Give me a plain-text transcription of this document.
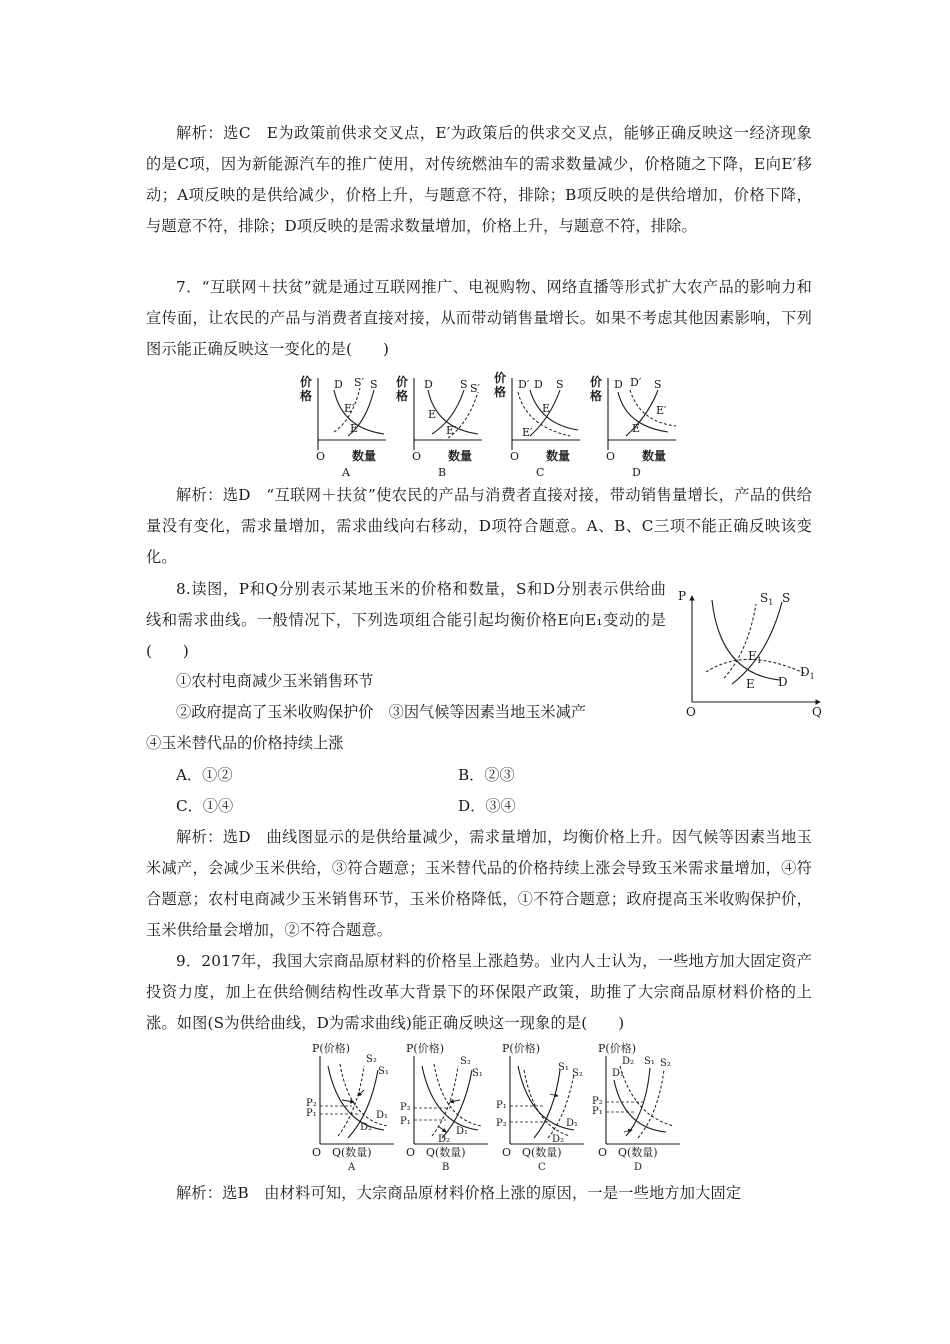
解析：选C　E为政策前供求交叉点，E′为政策后的供求交叉点，能够正确反映这一经济现象的是C项，因为新能源汽车的推广使用，对传统燃油车的需求数量减少，价格随之下降，E向E′移动；A项反映的是供给减少，价格上升，与题意不符，排除；B项反映的是供给增加，价格下降，与题意不符，排除；D项反映的是需求数量增加，价格上升，与题意不符，排除。
7．“互联网＋扶贫”就是通过互联网推广、电视购物、网络直播等形式扩大农产品的影响力和宣传面，让农民的产品与消费者直接对接，从而带动销售量增长。如果不考虑其他因素影响，下列图示能正确反映这一变化的是(　　)
价
格
D S′ S
E′
E
O 数量
A
价
格
D S S′
E
E′
O 数量
B
价
格
D′ D S
E
E′
O 数量
C
价
格
D D′ S
E′
E
O 数量
D
解析：选D　“互联网＋扶贫”使农民的产品与消费者直接对接，带动销售量增长，产品的供给量没有变化，需求量增加，需求曲线向右移动，D项符合题意。A、B、C三项不能正确反映该变化。
8.读图，P和Q分别表示某地玉米的价格和数量，S和D分别表示供给曲线和需求曲线。一般情况下，下列选项组合能引起均衡价格E向E₁变动的是(　　)
①农村电商减少玉米销售环节
②政府提高了玉米收购保护价　③因气候等因素当地玉米减产
④玉米替代品的价格持续上涨
P
O	Q
$S_1$ S
$E_1$
$D_1$
E D
A．①②	B．②③
C．①④	D．③④
解析：选D　曲线图显示的是供给量减少，需求量增加，均衡价格上升。因气候等因素当地玉米减产，会减少玉米供给，③符合题意；玉米替代品的价格持续上涨会导致玉米需求量增加，④符合题意；农村电商减少玉米销售环节，玉米价格降低，①不符合题意；政府提高玉米收购保护价，玉米供给量会增加，②不符合题意。
9．2017年，我国大宗商品原材料的价格呈上涨趋势。业内人士认为，一些地方加大固定资产投资力度，加上在供给侧结构性改革大背景下的环保限产政策，助推了大宗商品原材料价格的上涨。如图(S为供给曲线，D为需求曲线)能正确反映这一现象的是(　　)
P(价格)
S₂
S₁
D₁
D₂
P₂
P₁
O Q(数量)
A
P(价格)
S₂
S₁
D₁
D₂
P₂
P₁
O Q(数量)
B
P(价格)
S₁
S₂
D₁
D₂
P₁
P₂
O Q(数量)
C
P(价格)
D₂
D₁
S₁ S₂
P₂
P₁
O Q(数量)
D
解析：选B　由材料可知，大宗商品原材料价格上涨的原因，一是一些地方加大固定
